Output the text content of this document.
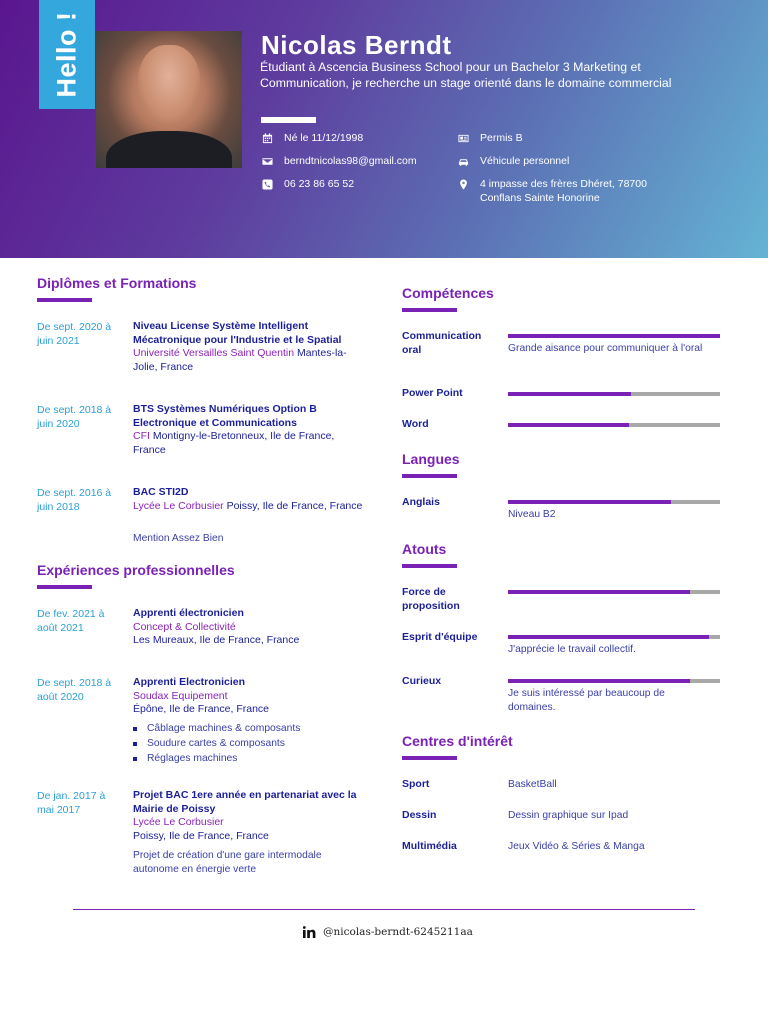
Hello !	Nicolas Berndt
Étudiant à Ascencia Business School pour un Bachelor 3 Marketing et Communication, je recherche un stage orienté dans le domaine commercial
Né le 11/12/1998
berndtnicolas98@gmail.com
06 23 86 65 52
Permis B
Véhicule personnel
4 impasse des frères Dhéret, 78700 Conflans Sainte Honorine
Diplômes et Formations
De sept. 2020 à juin 2021
Niveau License Système Intelligent Mécatronique pour l'Industrie et le Spatial
Université Versailles Saint Quentin Mantes-la-Jolie, France
De sept. 2018 à juin 2020
BTS Systèmes Numériques Option B Electronique et Communications
CFI Montigny-le-Bretonneux, Ile de France, France
De sept. 2016 à juin 2018
BAC STI2D
Lycée Le Corbusier Poissy, Ile de France, France
Mention Assez Bien
Expériences professionnelles
De fev. 2021 à août 2021
Apprenti électronicien
Concept & Collectivité
Les Mureaux, Ile de France, France
De sept. 2018 à août 2020
Apprenti Electronicien
Soudax Equipement
Épône, Ile de France, France
Câblage machines & composants
Soudure cartes & composants
Réglages machines
De jan. 2017 à mai 2017
Projet BAC 1ere année en partenariat avec la Mairie de Poissy
Lycée Le Corbusier
Poissy, Ile de France, France
Projet de création d'une gare intermodale autonome en énergie verte
Compétences
Communication oral	Grande aisance pour communiquer à l'oral
Power Point
Word
Langues
Anglais
Niveau B2
Atouts
Force de proposition
Esprit d'équipe
J'apprécie le travail collectif.
Curieux
Je suis intéressé par beaucoup de domaines.
Centres d'intérêt
Sport	BasketBall
Dessin	Dessin graphique sur Ipad
Multimédia	Jeux Vidéo & Séries & Manga
@nicolas-berndt-6245211aa
